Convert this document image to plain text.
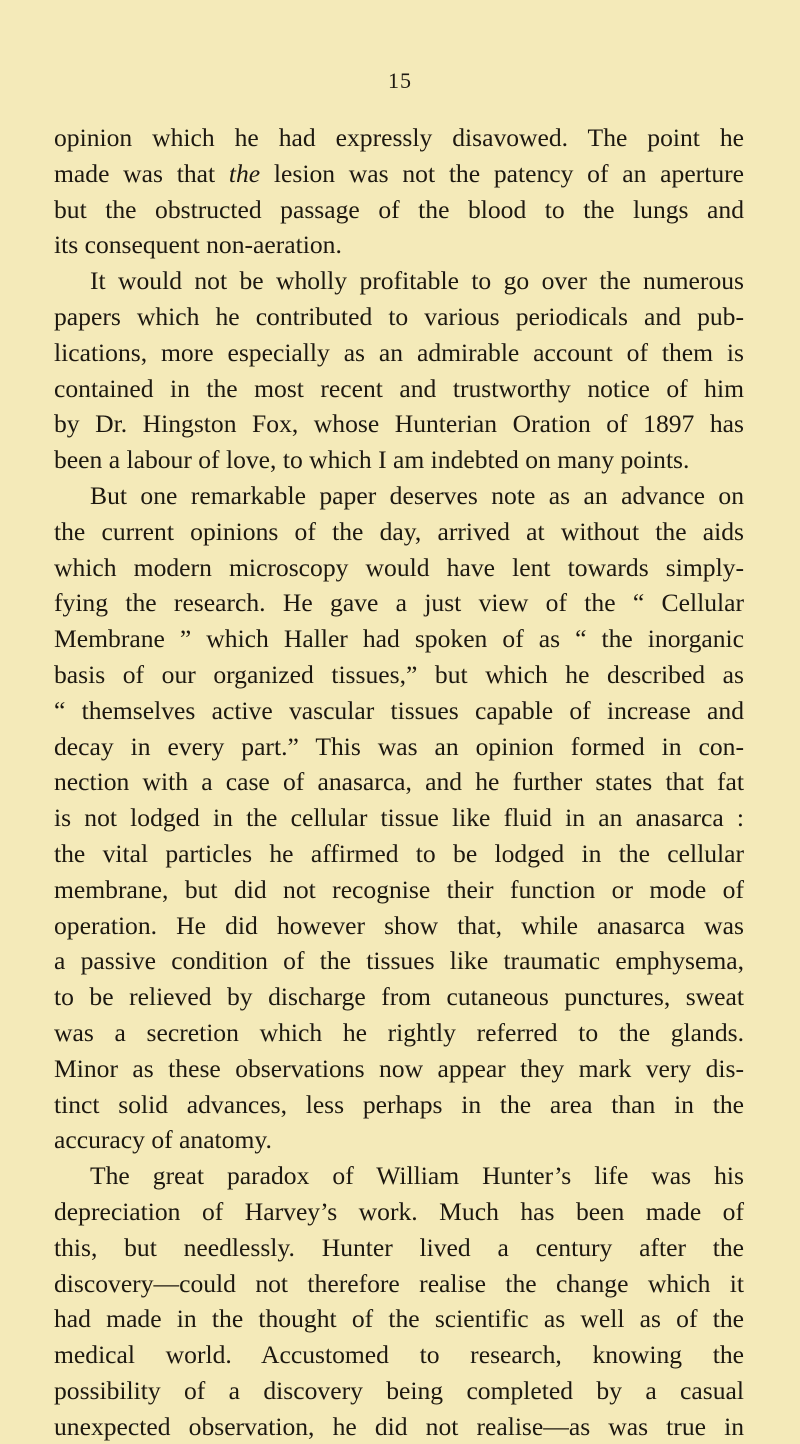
15
opinion which he had expressly disavowed. The point he
made was that the lesion was not the patency of an aperture
but the obstructed passage of the blood to the lungs and
its consequent non-aeration.
It would not be wholly profitable to go over the numerous
papers which he contributed to various periodicals and pub-
lications, more especially as an admirable account of them is
contained in the most recent and trustworthy notice of him
by Dr. Hingston Fox, whose Hunterian Oration of 1897 has
been a labour of love, to which I am indebted on many points.
But one remarkable paper deserves note as an advance on
the current opinions of the day, arrived at without the aids
which modern microscopy would have lent towards simply-
fying the research. He gave a just view of the “ Cellular
Membrane ” which Haller had spoken of as “ the inorganic
basis of our organized tissues,” but which he described as
“ themselves active vascular tissues capable of increase and
decay in every part.” This was an opinion formed in con-
nection with a case of anasarca, and he further states that fat
is not lodged in the cellular tissue like fluid in an anasarca :
the vital particles he affirmed to be lodged in the cellular
membrane, but did not recognise their function or mode of
operation. He did however show that, while anasarca was
a passive condition of the tissues like traumatic emphysema,
to be relieved by discharge from cutaneous punctures, sweat
was a secretion which he rightly referred to the glands.
Minor as these observations now appear they mark very dis-
tinct solid advances, less perhaps in the area than in the
accuracy of anatomy.
The great paradox of William Hunter’s life was his
depreciation of Harvey’s work. Much has been made of
this, but needlessly. Hunter lived a century after the
discovery—could not therefore realise the change which it
had made in the thought of the scientific as well as of the
medical world. Accustomed to research, knowing the
possibility of a discovery being completed by a casual
unexpected observation, he did not realise—as was true in
